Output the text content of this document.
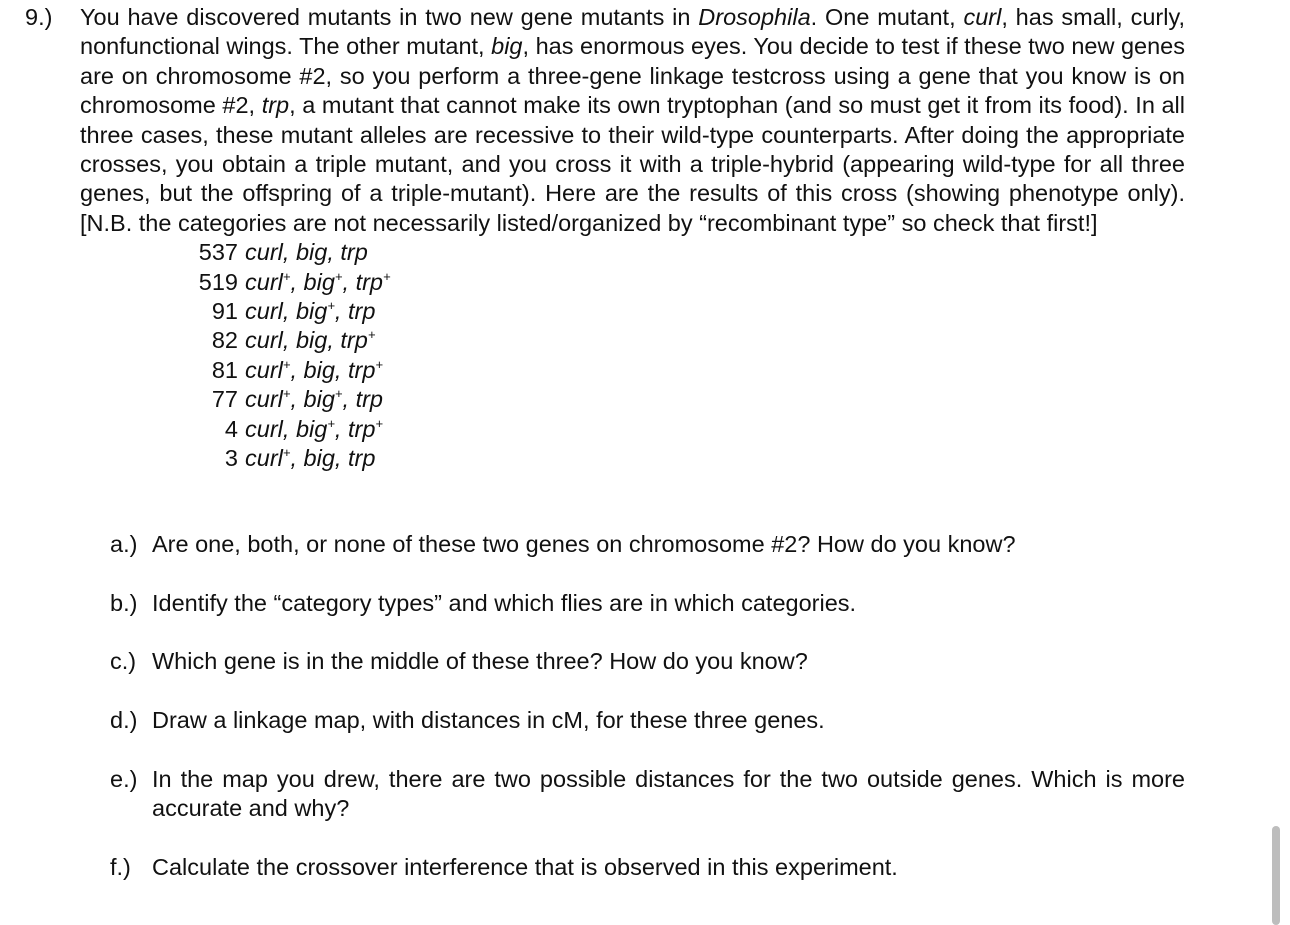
9.) You have discovered mutants in two new gene mutants in Drosophila. One mutant, curl, has small, curly, nonfunctional wings. The other mutant, big, has enormous eyes. You decide to test if these two new genes are on chromosome #2, so you perform a three-gene linkage testcross using a gene that you know is on chromosome #2, trp, a mutant that cannot make its own tryptophan (and so must get it from its food). In all three cases, these mutant alleles are recessive to their wild-type counterparts. After doing the appropriate crosses, you obtain a triple mutant, and you cross it with a triple-hybrid (appearing wild-type for all three genes, but the offspring of a triple-mutant). Here are the results of this cross (showing phenotype only). [N.B. the categories are not necessarily listed/organized by “recombinant type” so check that first!]
537 curl, big, trp
519 curl+, big+, trp+
91 curl, big+, trp
82 curl, big, trp+
81 curl+, big, trp+
77 curl+, big+, trp
4 curl, big+, trp+
3 curl+, big, trp
a.) Are one, both, or none of these two genes on chromosome #2? How do you know?
b.) Identify the “category types” and which flies are in which categories.
c.) Which gene is in the middle of these three? How do you know?
d.) Draw a linkage map, with distances in cM, for these three genes.
e.) In the map you drew, there are two possible distances for the two outside genes. Which is more accurate and why?
f.) Calculate the crossover interference that is observed in this experiment.
